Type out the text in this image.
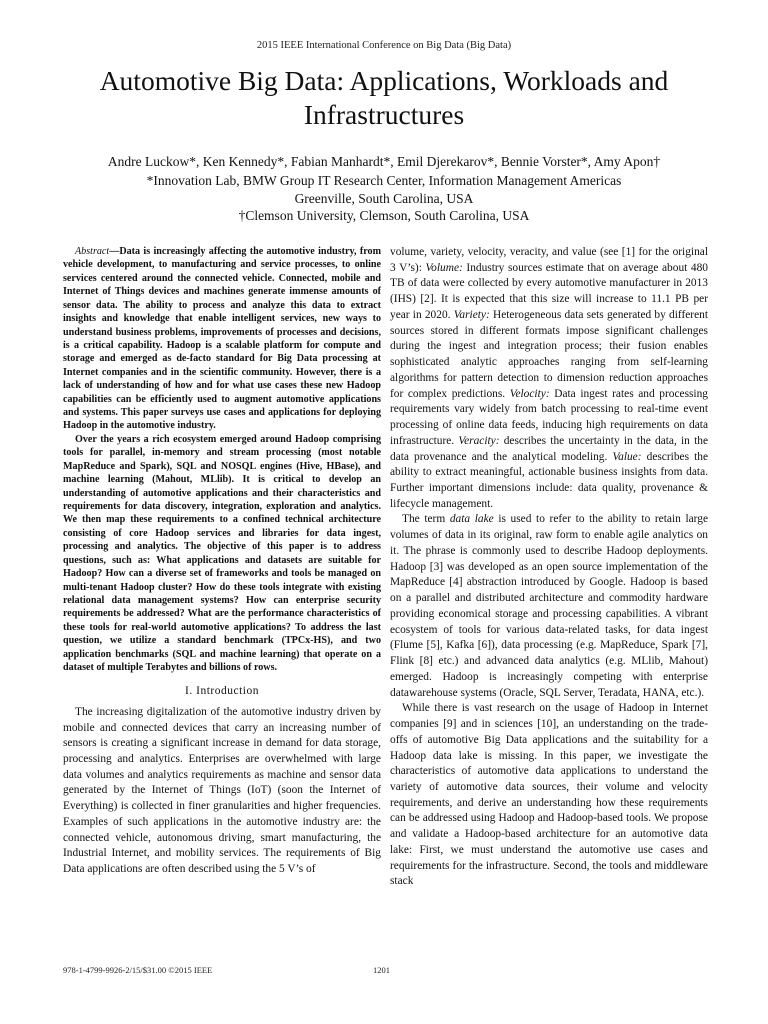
2015 IEEE International Conference on Big Data (Big Data)
Automotive Big Data: Applications, Workloads and
Infrastructures
Andre Luckow*, Ken Kennedy*, Fabian Manhardt*, Emil Djerekarov*, Bennie Vorster*, Amy Apon†
*Innovation Lab, BMW Group IT Research Center, Information Management Americas
Greenville, South Carolina, USA
†Clemson University, Clemson, South Carolina, USA

Abstract—Data is increasingly affecting the automotive industry, from vehicle development, to manufacturing and service processes, to online services centered around the connected vehicle. Connected, mobile and Internet of Things devices and machines generate immense amounts of sensor data. The ability to process and analyze this data to extract insights and knowledge that enable intelligent services, new ways to understand business problems, improvements of processes and decisions, is a critical capability. Hadoop is a scalable platform for compute and storage and emerged as de-facto standard for Big Data processing at Internet companies and in the scientific community. However, there is a lack of understanding of how and for what use cases these new Hadoop capabilities can be efficiently used to augment automotive applications and systems. This paper surveys use cases and applications for deploying Hadoop in the automotive industry.

Over the years a rich ecosystem emerged around Hadoop comprising tools for parallel, in-memory and stream processing (most notable MapReduce and Spark), SQL and NOSQL engines (Hive, HBase), and machine learning (Mahout, MLlib). It is critical to develop an understanding of automotive applications and their characteristics and requirements for data discovery, integration, exploration and analytics. We then map these requirements to a confined technical architecture consisting of core Hadoop services and libraries for data ingest, processing and analytics. The objective of this paper is to address questions, such as: What applications and datasets are suitable for Hadoop? How can a diverse set of frameworks and tools be managed on multi-tenant Hadoop cluster? How do these tools integrate with existing relational data management systems? How can enterprise security requirements be addressed? What are the performance characteristics of these tools for real-world automotive applications? To address the last question, we utilize a standard benchmark (TPCx-HS), and two application benchmarks (SQL and machine learning) that operate on a dataset of multiple Terabytes and billions of rows.

I. Introduction

The increasing digitalization of the automotive industry driven by mobile and connected devices that carry an increasing number of sensors is creating a significant increase in demand for data storage, processing and analytics. Enterprises are overwhelmed with large data volumes and analytics requirements as machine and sensor data generated by the Internet of Things (IoT) (soon the Internet of Everything) is collected in finer granularities and higher frequencies. Examples of such applications in the automotive industry are: the connected vehicle, autonomous driving, smart manufacturing, the Industrial Internet, and mobility services. The requirements of Big Data applications are often described using the 5 V’s of

volume, variety, velocity, veracity, and value (see [1] for the original 3 V’s): Volume: Industry sources estimate that on average about 480 TB of data were collected by every automotive manufacturer in 2013 (IHS) [2]. It is expected that this size will increase to 11.1 PB per year in 2020. Variety: Heterogeneous data sets generated by different sources stored in different formats impose significant challenges during the ingest and integration process; their fusion enables sophisticated analytic approaches ranging from self-learning algorithms for pattern detection to dimension reduction approaches for complex predictions. Velocity: Data ingest rates and processing requirements vary widely from batch processing to real-time event processing of online data feeds, inducing high requirements on data infrastructure. Veracity: describes the uncertainty in the data, in the data provenance and the analytical modeling. Value: describes the ability to extract meaningful, actionable business insights from data. Further important dimensions include: data quality, provenance & lifecycle management.

The term data lake is used to refer to the ability to retain large volumes of data in its original, raw form to enable agile analytics on it. The phrase is commonly used to describe Hadoop deployments. Hadoop [3] was developed as an open source implementation of the MapReduce [4] abstraction introduced by Google. Hadoop is based on a parallel and distributed architecture and commodity hardware providing economical storage and processing capabilities. A vibrant ecosystem of tools for various data-related tasks, for data ingest (Flume [5], Kafka [6]), data processing (e.g. MapReduce, Spark [7], Flink [8] etc.) and advanced data analytics (e.g. MLlib, Mahout) emerged. Hadoop is increasingly competing with enterprise datawarehouse systems (Oracle, SQL Server, Teradata, HANA, etc.).

While there is vast research on the usage of Hadoop in Internet companies [9] and in sciences [10], an understanding on the trade-offs of automotive Big Data applications and the suitability for a Hadoop data lake is missing. In this paper, we investigate the characteristics of automotive data applications to understand the variety of automotive data sources, their volume and velocity requirements, and derive an understanding how these requirements can be addressed using Hadoop and Hadoop-based tools. We propose and validate a Hadoop-based architecture for an automotive data lake: First, we must understand the automotive use cases and requirements for the infrastructure. Second, the tools and middleware stack

978-1-4799-9926-2/15/$31.00 ©2015 IEEE	1201
